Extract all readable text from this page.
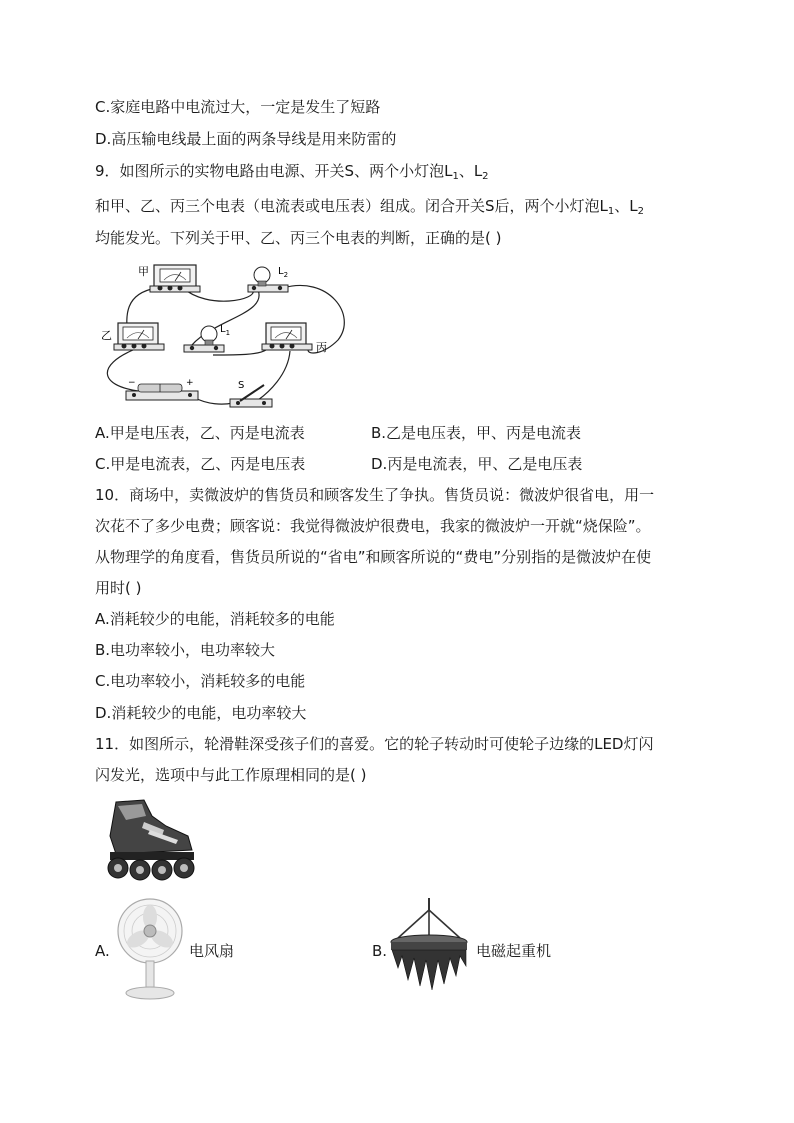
C.家庭电路中电流过大，一定是发生了短路
D.高压输电线最上面的两条导线是用来防雷的
9．如图所示的实物电路由电源、开关S、两个小灯泡$L_1$、$L_2$
和甲、乙、丙三个电表（电流表或电压表）组成。闭合开关S后，两个小灯泡$L_1$、$L_2$
均能发光。下列关于甲、乙、丙三个电表的判断，正确的是( )
甲	$L_2$
乙	$L_1$
丙
−	+	S
A.甲是电压表，乙、丙是电流表	B.乙是电压表，甲、丙是电流表
C.甲是电流表，乙、丙是电压表	D.丙是电流表，甲、乙是电压表
10．商场中，卖微波炉的售货员和顾客发生了争执。售货员说：微波炉很省电，用一
次花不了多少电费；顾客说：我觉得微波炉很费电，我家的微波炉一开就“烧保险”。
从物理学的角度看，售货员所说的“省电”和顾客所说的“费电”分别指的是微波炉在使
用时( )
A.消耗较少的电能，消耗较多的电能
B.电功率较小，电功率较大
C.电功率较小，消耗较多的电能
D.消耗较少的电能，电功率较大
11．如图所示，轮滑鞋深受孩子们的喜爱。它的轮子转动时可使轮子边缘的LED灯闪
闪发光，选项中与此工作原理相同的是( )
A.	电风扇	B.	电磁起重机
